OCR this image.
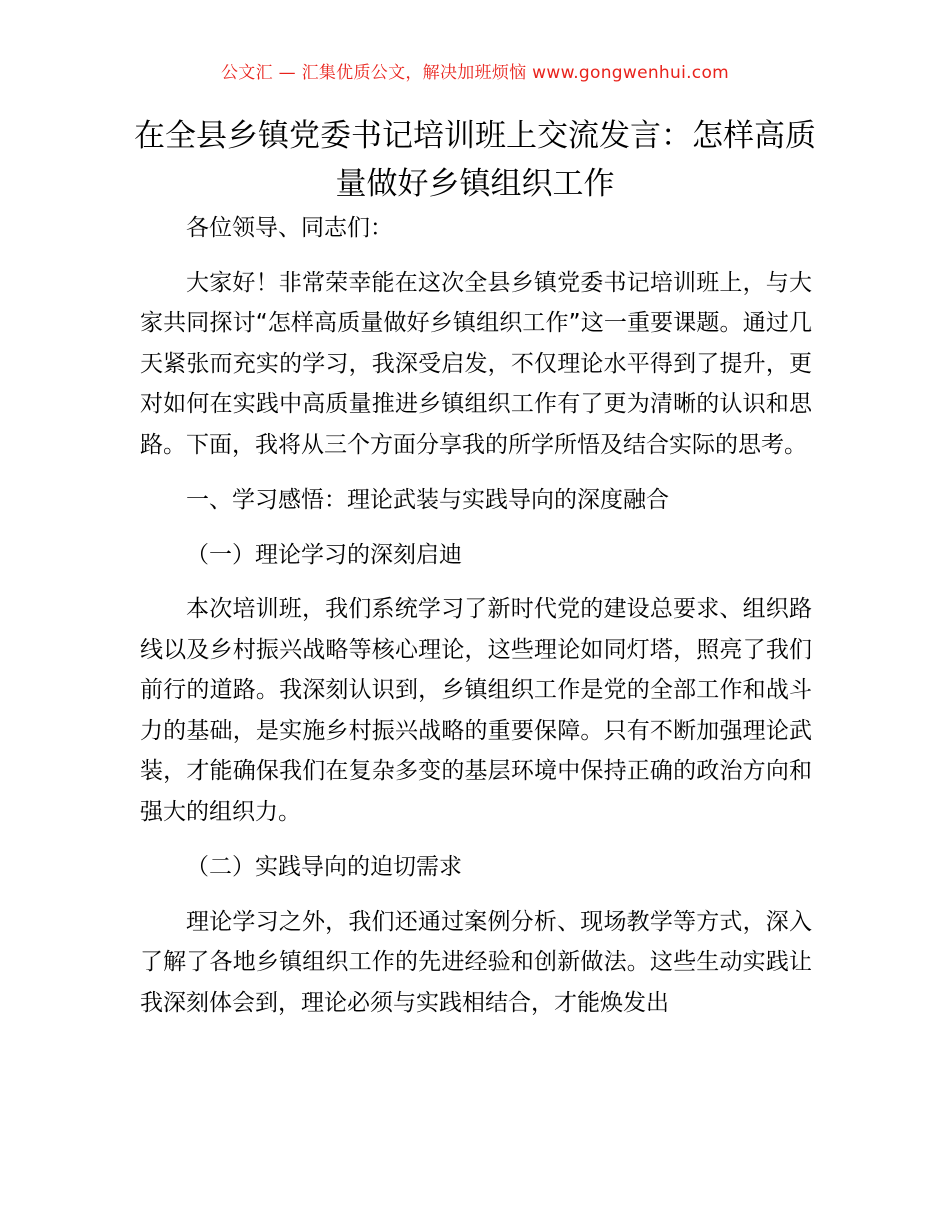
公文汇 — 汇集优质公文，解决加班烦恼 www.gongwenhui.com
在全县乡镇党委书记培训班上交流发言：怎样高质量做好乡镇组织工作

各位领导、同志们：

大家好！非常荣幸能在这次全县乡镇党委书记培训班上，与大家共同探讨“怎样高质量做好乡镇组织工作”这一重要课题。通过几天紧张而充实的学习，我深受启发，不仅理论水平得到了提升，更对如何在实践中高质量推进乡镇组织工作有了更为清晰的认识和思路。下面，我将从三个方面分享我的所学所悟及结合实际的思考。

一、学习感悟：理论武装与实践导向的深度融合

（一）理论学习的深刻启迪

本次培训班，我们系统学习了新时代党的建设总要求、组织路线以及乡村振兴战略等核心理论，这些理论如同灯塔，照亮了我们前行的道路。我深刻认识到，乡镇组织工作是党的全部工作和战斗力的基础，是实施乡村振兴战略的重要保障。只有不断加强理论武装，才能确保我们在复杂多变的基层环境中保持正确的政治方向和强大的组织力。

（二）实践导向的迫切需求

理论学习之外，我们还通过案例分析、现场教学等方式，深入了解了各地乡镇组织工作的先进经验和创新做法。这些生动实践让我深刻体会到，理论必须与实践相结合，才能焕发出
